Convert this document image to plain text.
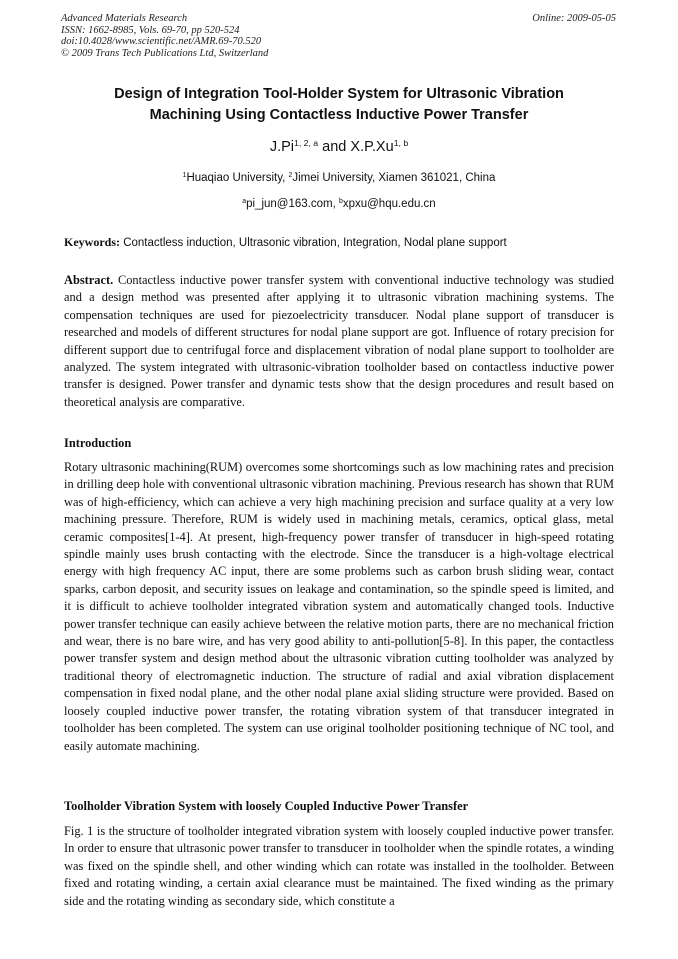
Advanced Materials Research
ISSN: 1662-8985, Vols. 69-70, pp 520-524
doi:10.4028/www.scientific.net/AMR.69-70.520
© 2009 Trans Tech Publications Ltd, Switzerland
Online: 2009-05-05
Design of Integration Tool-Holder System for Ultrasonic Vibration
Machining Using Contactless Inductive Power Transfer
J.Pi$^{1, 2, a}$ and X.P.Xu$^{1, b}$
$^1$Huaqiao University, $^2$Jimei University, Xiamen 361021, China
$^a$pi_jun@163.com, $^b$xpxu@hqu.edu.cn
Keywords: Contactless induction, Ultrasonic vibration, Integration, Nodal plane support

Abstract. Contactless inductive power transfer system with conventional inductive technology was studied and a design method was presented after applying it to ultrasonic vibration machining systems. The compensation techniques are used for piezoelectricity transducer. Nodal plane support of transducer is researched and models of different structures for nodal plane support are got. Influence of rotary precision for different support due to centrifugal force and displacement vibration of nodal plane support to toolholder are analyzed. The system integrated with ultrasonic-vibration toolholder based on contactless inductive power transfer is designed. Power transfer and dynamic tests show that the design procedures and result based on theoretical analysis are comparative.

Introduction

Rotary ultrasonic machining(RUM) overcomes some shortcomings such as low machining rates and precision in drilling deep hole with conventional ultrasonic vibration machining. Previous research has shown that RUM was of high-efficiency, which can achieve a very high machining precision and surface quality at a very low machining pressure. Therefore, RUM is widely used in machining metals, ceramics, optical glass, metal ceramic composites[1-4]. At present, high-frequency power transfer of transducer in high-speed rotating spindle mainly uses brush contacting with the electrode. Since the transducer is a high-voltage electrical energy with high frequency AC input, there are some problems such as carbon brush sliding wear, contact sparks, carbon deposit, and security issues on leakage and contamination, so the spindle speed is limited, and it is difficult to achieve toolholder integrated vibration system and automatically changed tools. Inductive power transfer technique can easily achieve between the relative motion parts, there are no mechanical friction and wear, there is no bare wire, and has very good ability to anti-pollution[5-8]. In this paper, the contactless power transfer system and design method about the ultrasonic vibration cutting toolholder was analyzed by traditional theory of electromagnetic induction. The structure of radial and axial vibration displacement compensation in fixed nodal plane, and the other nodal plane axial sliding structure were provided. Based on loosely coupled inductive power transfer, the rotating vibration system of that transducer integrated in toolholder has been completed. The system can use original toolholder positioning technique of NC tool, and easily automate machining.

Toolholder Vibration System with loosely Coupled Inductive Power Transfer

Fig. 1 is the structure of toolholder integrated vibration system with loosely coupled inductive power transfer. In order to ensure that ultrasonic power transfer to transducer in toolholder when the spindle rotates, a winding was fixed on the spindle shell, and other winding which can rotate was installed in the toolholder. Between fixed and rotating winding, a certain axial clearance must be maintained. The fixed winding as the primary side and the rotating winding as secondary side, which constitute a
